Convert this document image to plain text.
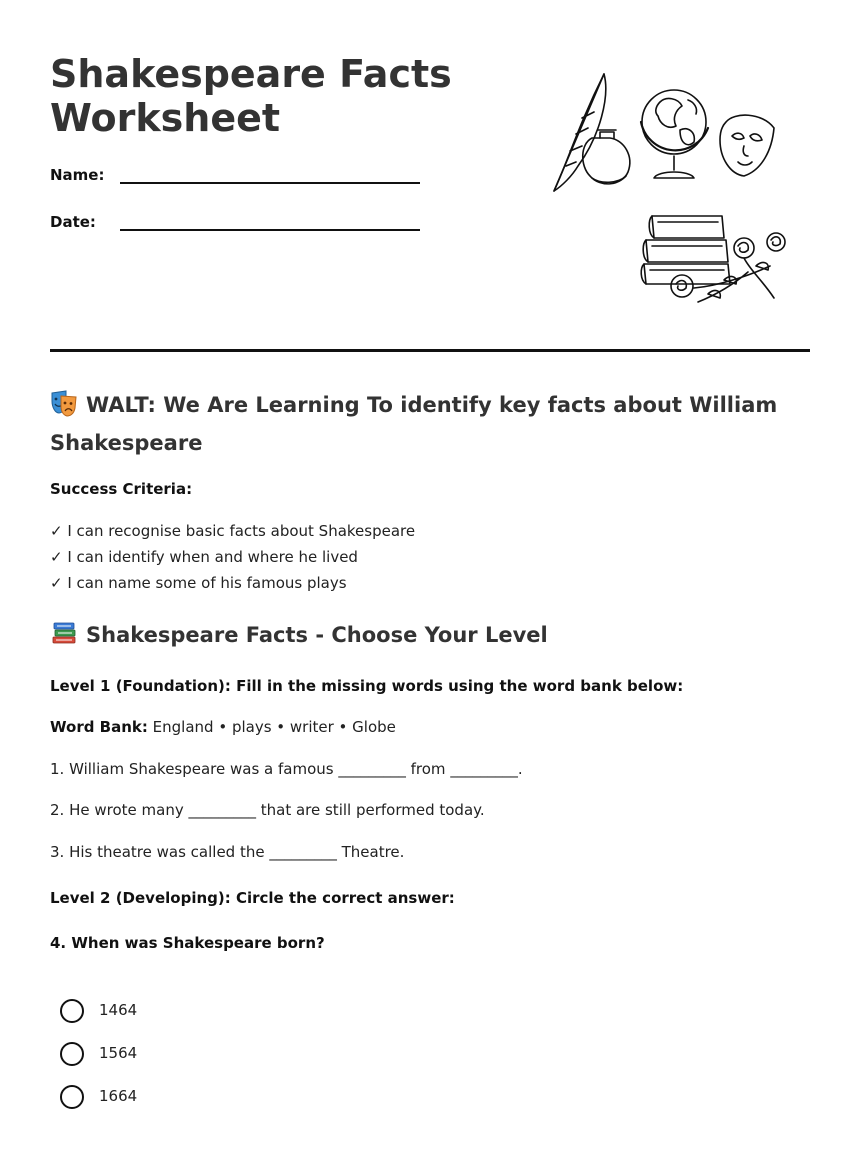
Shakespeare Facts Worksheet
Name:
Date:
WALT: We Are Learning To identify key facts about William Shakespeare
Success Criteria:
✓ I can recognise basic facts about Shakespeare
✓ I can identify when and where he lived
✓ I can name some of his famous plays
Shakespeare Facts - Choose Your Level
Level 1 (Foundation): Fill in the missing words using the word bank below:
Word Bank: England • plays • writer • Globe
1. William Shakespeare was a famous _________ from _________.
2. He wrote many _________ that are still performed today.
3. His theatre was called the _________ Theatre.
Level 2 (Developing): Circle the correct answer:
4. When was Shakespeare born?
1464
1564
1664
